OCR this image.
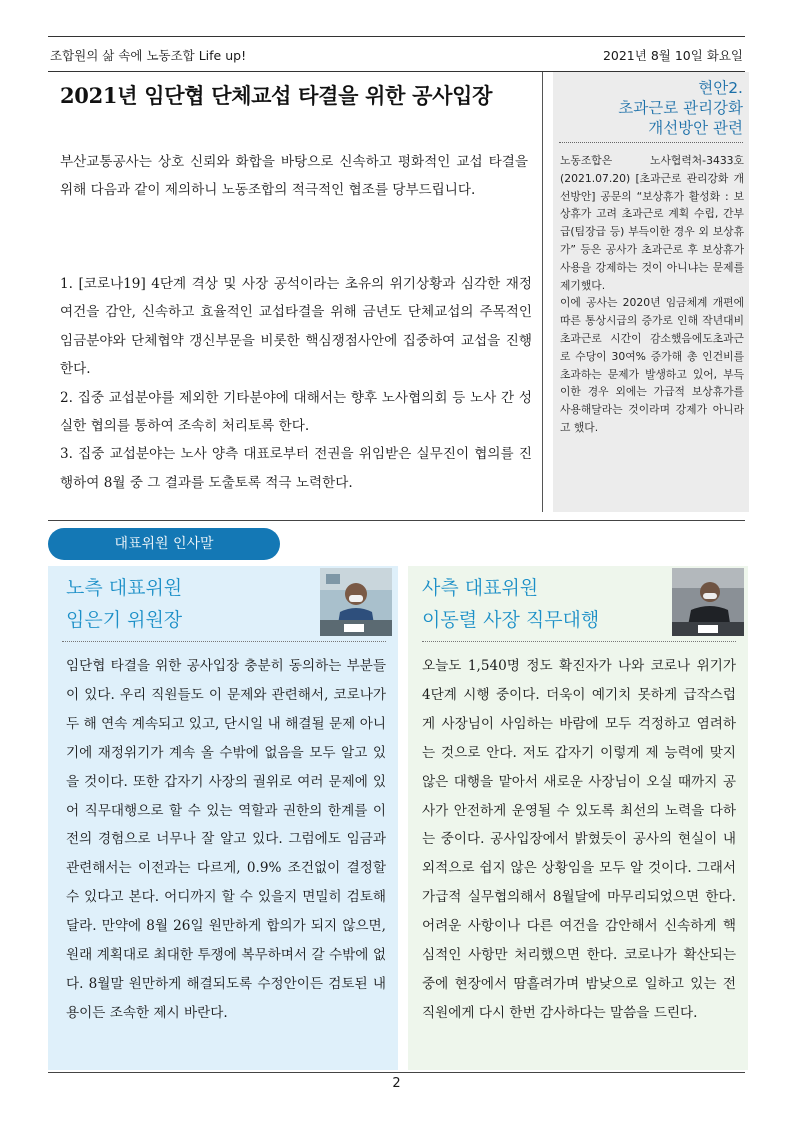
조합원의 삶 속에 노동조합 Life up!	2021년 8월 10일 화요일
2021년 임단협 단체교섭 타결을 위한 공사입장

부산교통공사는 상호 신뢰와 화합을 바탕으로 신속하고 평화적인 교섭 타결을 위해 다음과 같이 제의하니 노동조합의 적극적인 협조를 당부드립니다.

1. [코로나19] 4단계 격상 및 사장 공석이라는 초유의 위기상황과 심각한 재정여건을 감안, 신속하고 효율적인 교섭타결을 위해 금년도 단체교섭의 주목적인 임금분야와 단체협약 갱신부문을 비롯한 핵심쟁점사안에 집중하여 교섭을 진행한다.

2. 집중 교섭분야를 제외한 기타분야에 대해서는 향후 노사협의회 등 노사 간 성실한 협의를 통하여 조속히 처리토록 한다.

3. 집중 교섭분야는 노사 양측 대표로부터 전권을 위임받은 실무진이 협의를 진행하여 8월 중 그 결과를 도출토록 적극 노력한다.

현안2.
초과근로 관리강화
개선방안 관련
노동조합은 노사협력처-3433호 (2021.07.20) [초과근로 관리강화 개선방안] 공문의 “보상휴가 활성화 : 보상휴가 고려 초과근로 계획 수립, 간부급(팀장급 등) 부득이한 경우 외 보상휴가” 등은 공사가 초과근로 후 보상휴가 사용을 강제하는 것이 아니냐는 문제를 제기했다.
이에 공사는 2020년 임금체계 개편에 따른 통상시급의 증가로 인해 작년대비 초과근로 시간이 감소했음에도초과근로 수당이 30여% 증가해 총 인건비를 초과하는 문제가 발생하고 있어, 부득이한 경우 외에는 가급적 보상휴가를 사용해달라는 것이라며 강제가 아니라고 했다.
대표위원 인사말
노측 대표위원
임은기 위원장

임단협 타결을 위한 공사입장 충분히 동의하는 부분들이 있다. 우리 직원들도 이 문제와 관련해서, 코로나가 두 해 연속 계속되고 있고, 단시일 내 해결될 문제 아니기에 재정위기가 계속 올 수밖에 없음을 모두 알고 있을 것이다. 또한 갑자기 사장의 궐위로 여러 문제에 있어 직무대행으로 할 수 있는 역할과 권한의 한계를 이전의 경험으로 너무나 잘 알고 있다. 그럼에도 임금과 관련해서는 이전과는 다르게, 0.9% 조건없이 결정할 수 있다고 본다. 어디까지 할 수 있을지 면밀히 검토해달라. 만약에 8월 26일 원만하게 합의가 되지 않으면, 원래 계획대로 최대한 투쟁에 복무하며서 갈 수밖에 없다. 8월말 원만하게 해결되도록 수정안이든 검토된 내용이든 조속한 제시 바란다.

사측 대표위원
이동렬 사장 직무대행

오늘도 1,540명 정도 확진자가 나와 코로나 위기가 4단계 시행 중이다. 더욱이 예기치 못하게 급작스럽게 사장님이 사임하는 바람에 모두 걱정하고 염려하는 것으로 안다. 저도 갑자기 이렇게 제 능력에 맞지 않은 대행을 맡아서 새로운 사장님이 오실 때까지 공사가 안전하게 운영될 수 있도록 최선의 노력을 다하는 중이다. 공사입장에서 밝혔듯이 공사의 현실이 내외적으로 쉽지 않은 상황임을 모두 알 것이다. 그래서 가급적 실무협의해서 8월달에 마무리되었으면 한다. 어려운 사항이나 다른 여건을 감안해서 신속하게 핵심적인 사항만 처리했으면 한다. 코로나가 확산되는 중에 현장에서 땀흘려가며 밤낮으로 일하고 있는 전 직원에게 다시 한번 감사하다는 말씀을 드린다.

2
